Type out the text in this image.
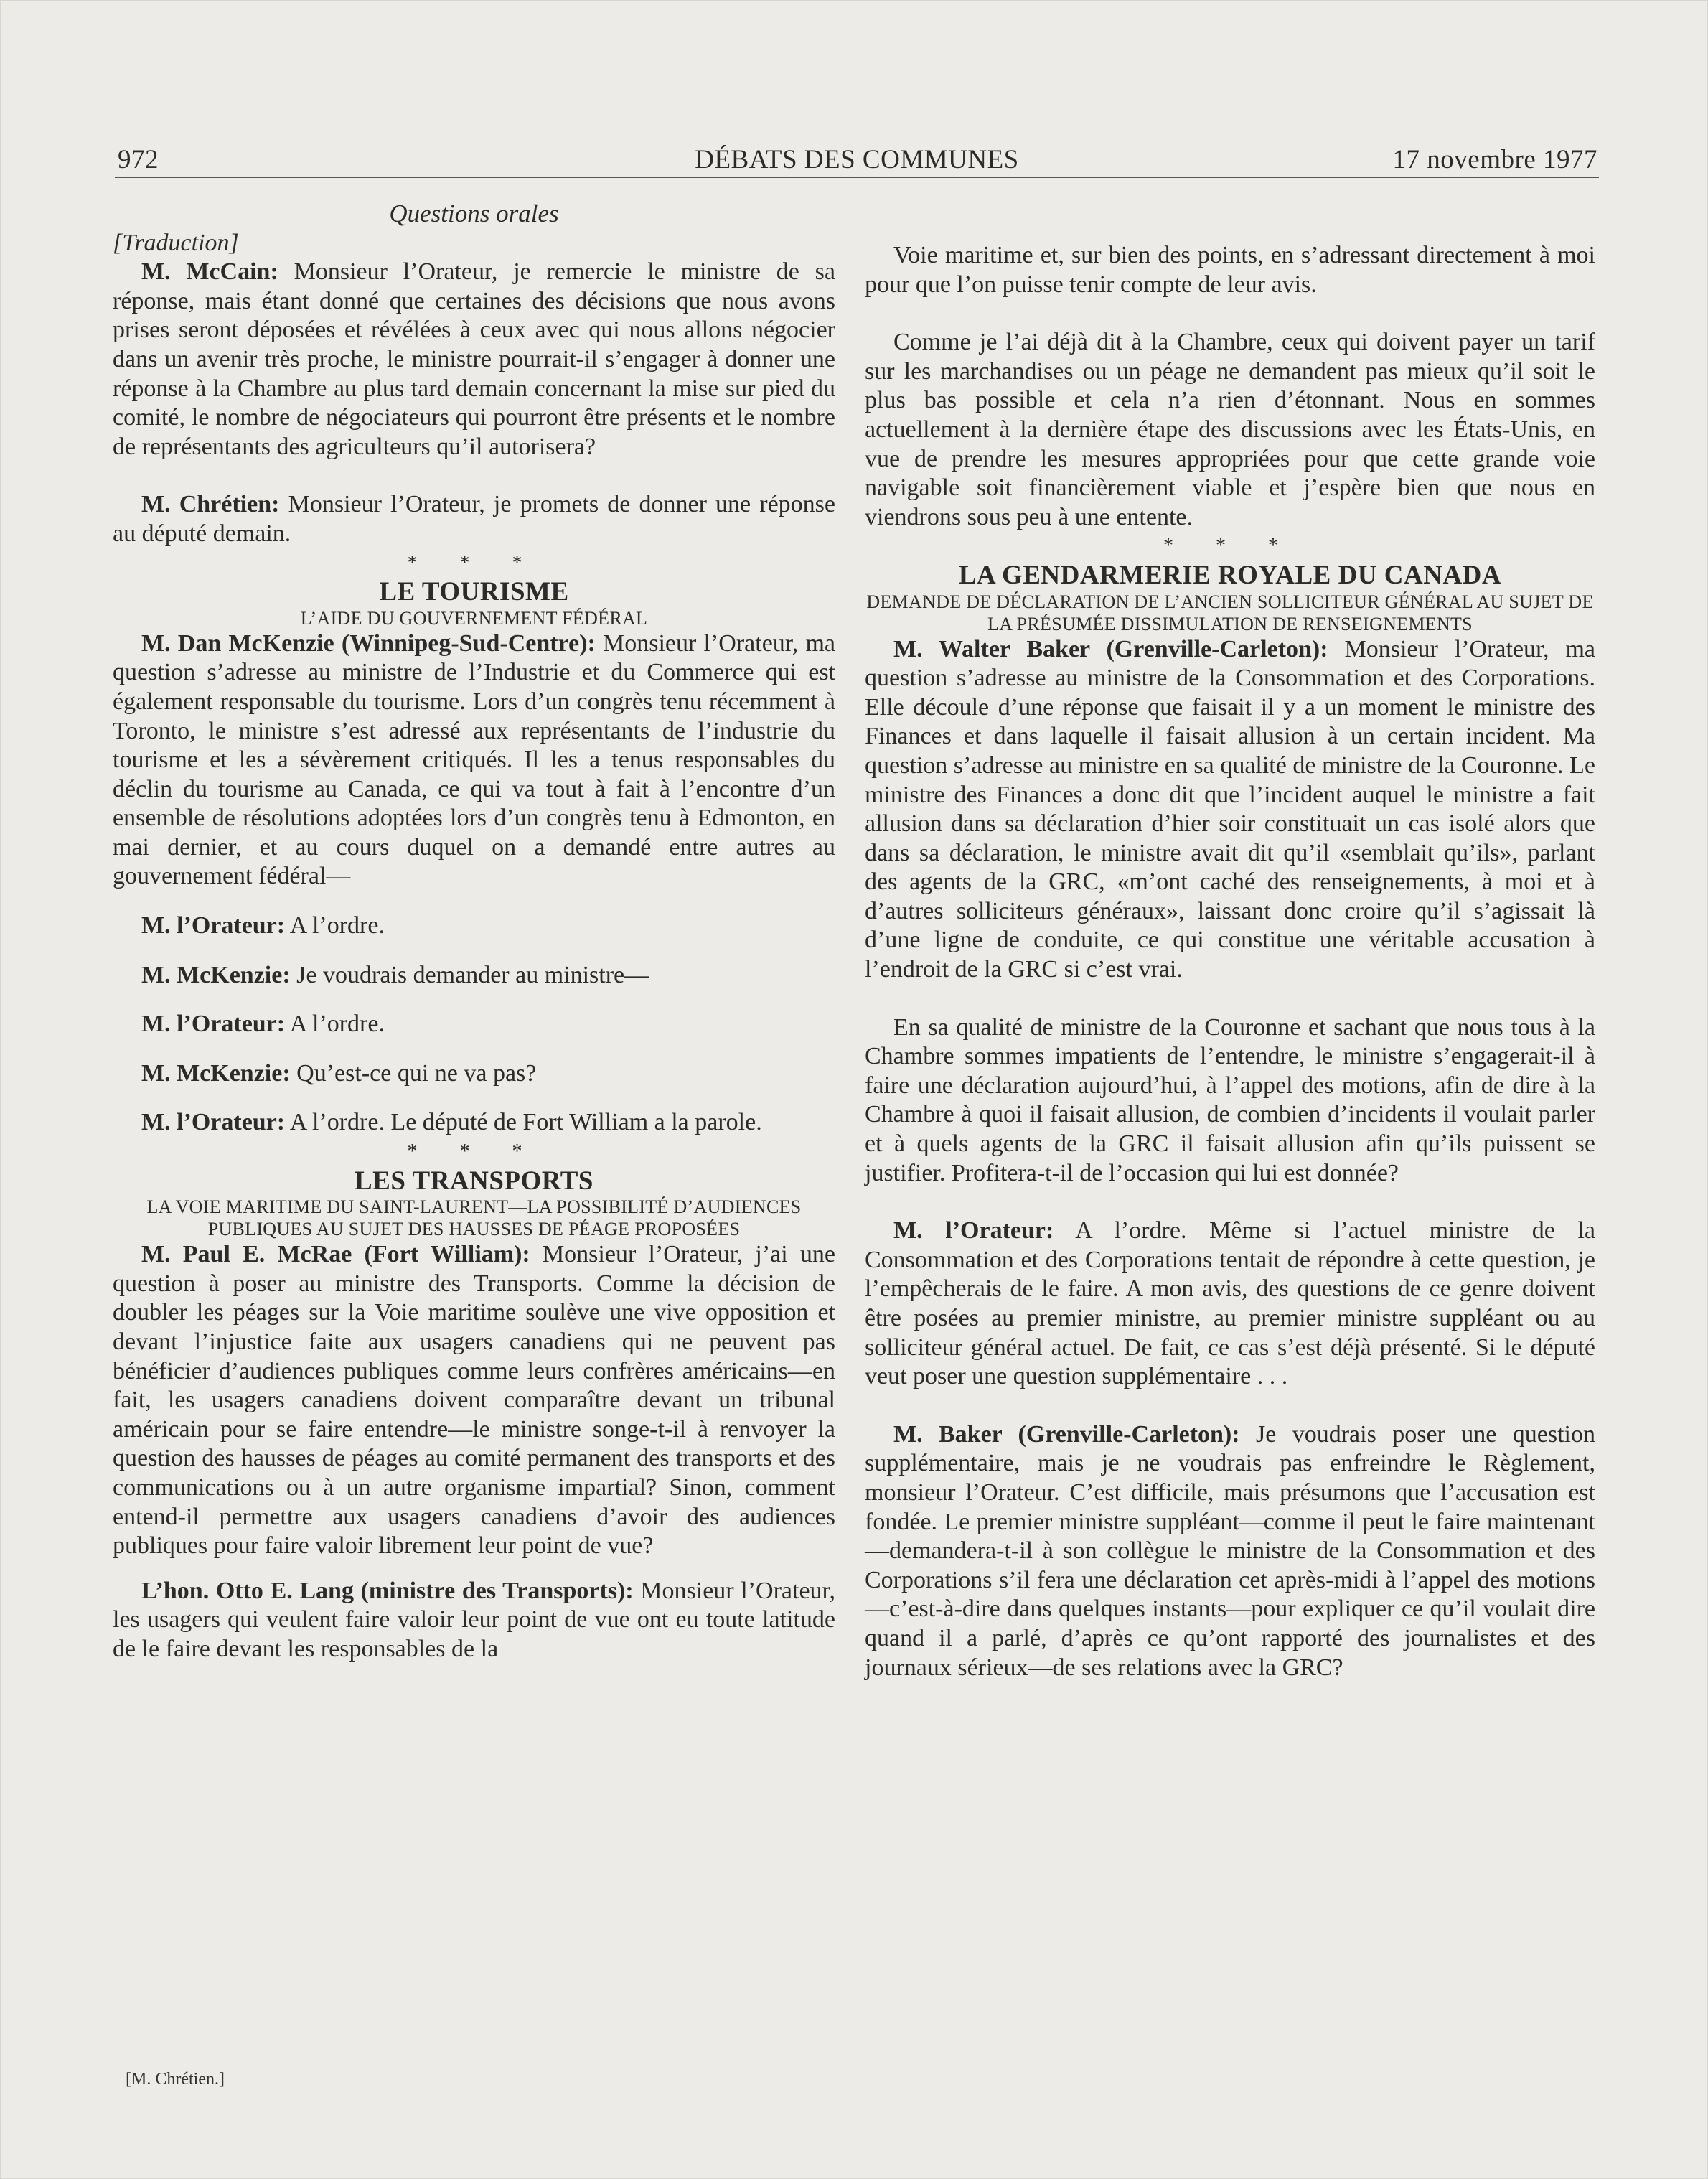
972	DÉBATS DES COMMUNES	17 novembre 1977

Questions orales

[Traduction]

M. McCain: Monsieur l’Orateur, je remercie le ministre de sa réponse, mais étant donné que certaines des décisions que nous avons prises seront déposées et révélées à ceux avec qui nous allons négocier dans un avenir très proche, le ministre pourrait-il s’engager à donner une réponse à la Chambre au plus tard demain concernant la mise sur pied du comité, le nombre de négociateurs qui pourront être présents et le nombre de représentants des agriculteurs qu’il autorisera?

M. Chrétien: Monsieur l’Orateur, je promets de donner une réponse au député demain.

* * *

LE TOURISME

L’AIDE DU GOUVERNEMENT FÉDÉRAL

M. Dan McKenzie (Winnipeg-Sud-Centre): Monsieur l’Orateur, ma question s’adresse au ministre de l’Industrie et du Commerce qui est également responsable du tourisme. Lors d’un congrès tenu récemment à Toronto, le ministre s’est adressé aux représentants de l’industrie du tourisme et les a sévèrement critiqués. Il les a tenus responsables du déclin du tourisme au Canada, ce qui va tout à fait à l’encontre d’un ensemble de résolutions adoptées lors d’un congrès tenu à Edmonton, en mai dernier, et au cours duquel on a demandé entre autres au gouvernement fédéral—

M. l’Orateur: A l’ordre.

M. McKenzie: Je voudrais demander au ministre—

M. l’Orateur: A l’ordre.

M. McKenzie: Qu’est-ce qui ne va pas?

M. l’Orateur: A l’ordre. Le député de Fort William a la parole.

* * *

LES TRANSPORTS

LA VOIE MARITIME DU SAINT-LAURENT—LA POSSIBILITÉ D’AUDIENCES PUBLIQUES AU SUJET DES HAUSSES DE PÉAGE PROPOSÉES

M. Paul E. McRae (Fort William): Monsieur l’Orateur, j’ai une question à poser au ministre des Transports. Comme la décision de doubler les péages sur la Voie maritime soulève une vive opposition et devant l’injustice faite aux usagers canadiens qui ne peuvent pas bénéficier d’audiences publiques comme leurs confrères américains—en fait, les usagers canadiens doivent comparaître devant un tribunal américain pour se faire entendre—le ministre songe-t-il à renvoyer la question des hausses de péages au comité permanent des transports et des communications ou à un autre organisme impartial? Sinon, comment entend-il permettre aux usagers canadiens d’avoir des audiences publiques pour faire valoir librement leur point de vue?

L’hon. Otto E. Lang (ministre des Transports): Monsieur l’Orateur, les usagers qui veulent faire valoir leur point de vue ont eu toute latitude de le faire devant les responsables de la

[M. Chrétien.]

Voie maritime et, sur bien des points, en s’adressant directement à moi pour que l’on puisse tenir compte de leur avis.

Comme je l’ai déjà dit à la Chambre, ceux qui doivent payer un tarif sur les marchandises ou un péage ne demandent pas mieux qu’il soit le plus bas possible et cela n’a rien d’étonnant. Nous en sommes actuellement à la dernière étape des discussions avec les États-Unis, en vue de prendre les mesures appropriées pour que cette grande voie navigable soit financièrement viable et j’espère bien que nous en viendrons sous peu à une entente.

* * *

LA GENDARMERIE ROYALE DU CANADA

DEMANDE DE DÉCLARATION DE L’ANCIEN SOLLICITEUR GÉNÉRAL AU SUJET DE LA PRÉSUMÉE DISSIMULATION DE RENSEIGNEMENTS

M. Walter Baker (Grenville-Carleton): Monsieur l’Orateur, ma question s’adresse au ministre de la Consommation et des Corporations. Elle découle d’une réponse que faisait il y a un moment le ministre des Finances et dans laquelle il faisait allusion à un certain incident. Ma question s’adresse au ministre en sa qualité de ministre de la Couronne. Le ministre des Finances a donc dit que l’incident auquel le ministre a fait allusion dans sa déclaration d’hier soir constituait un cas isolé alors que dans sa déclaration, le ministre avait dit qu’il «semblait qu’ils», parlant des agents de la GRC, «m’ont caché des renseignements, à moi et à d’autres solliciteurs généraux», laissant donc croire qu’il s’agissait là d’une ligne de conduite, ce qui constitue une véritable accusation à l’endroit de la GRC si c’est vrai.

En sa qualité de ministre de la Couronne et sachant que nous tous à la Chambre sommes impatients de l’entendre, le ministre s’engagerait-il à faire une déclaration aujourd’hui, à l’appel des motions, afin de dire à la Chambre à quoi il faisait allusion, de combien d’incidents il voulait parler et à quels agents de la GRC il faisait allusion afin qu’ils puissent se justifier. Profitera-t-il de l’occasion qui lui est donnée?

M. l’Orateur: A l’ordre. Même si l’actuel ministre de la Consommation et des Corporations tentait de répondre à cette question, je l’empêcherais de le faire. A mon avis, des questions de ce genre doivent être posées au premier ministre, au premier ministre suppléant ou au solliciteur général actuel. De fait, ce cas s’est déjà présenté. Si le député veut poser une question supplémentaire . . .

M. Baker (Grenville-Carleton): Je voudrais poser une question supplémentaire, mais je ne voudrais pas enfreindre le Règlement, monsieur l’Orateur. C’est difficile, mais présumons que l’accusation est fondée. Le premier ministre suppléant—comme il peut le faire maintenant—demandera-t-il à son collègue le ministre de la Consommation et des Corporations s’il fera une déclaration cet après-midi à l’appel des motions—c’est-à-dire dans quelques instants—pour expliquer ce qu’il voulait dire quand il a parlé, d’après ce qu’ont rapporté des journalistes et des journaux sérieux—de ses relations avec la GRC?
